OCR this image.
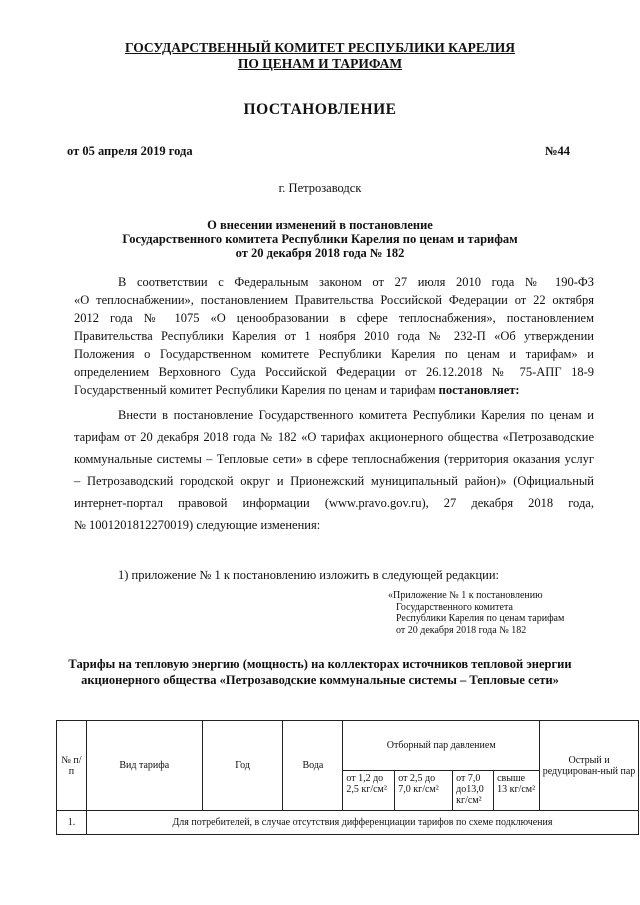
ГОСУДАРСТВЕННЫЙ КОМИТЕТ РЕСПУБЛИКИ КАРЕЛИЯ
ПО ЦЕНАМ И ТАРИФАМ
ПОСТАНОВЛЕНИЕ
от 05 апреля 2019 года	№44
г. Петрозаводск
О внесении изменений в постановление
Государственного комитета Республики Карелия по ценам и тарифам
от 20 декабря 2018 года № 182
В соответствии с Федеральным законом от 27 июля 2010 года № 190-ФЗ
«О теплоснабжении», постановлением Правительства Российской Федерации от 22 октября
2012 года № 1075 «О ценообразовании в сфере теплоснабжения», постановлением
Правительства Республики Карелия от 1 ноября 2010 года № 232-П «Об утверждении
Положения о Государственном комитете Республики Карелия по ценам и тарифам» и
определением Верховного Суда Российской Федерации от 26.12.2018 № 75-АПГ 18-9
Государственный комитет Республики Карелия по ценам и тарифам постановляет:
Внести в постановление Государственного комитета Республики Карелия по ценам и
тарифам от 20 декабря 2018 года № 182 «О тарифах акционерного общества «Петрозаводские
коммунальные системы – Тепловые сети» в сфере теплоснабжения (территория оказания услуг
– Петрозаводский городской округ и Прионежский муниципальный район)» (Официальный
интернет-портал правовой информации (www.pravo.gov.ru), 27 декабря 2018 года,
№ 1001201812270019) следующие изменения:
1) приложение № 1 к постановлению изложить в следующей редакции:
«Приложение № 1 к постановлению
Государственного комитета
Республики Карелия по ценам тарифам
от 20 декабря 2018 года № 182
Тарифы на тепловую энергию (мощность) на коллекторах источников тепловой энергии
акционерного общества «Петрозаводские коммунальные системы – Тепловые сети»
№ п/п	Вид тарифа	Год	Вода	Отборный пар давлением				Острый и редуцирован-ный пар
				от 1,2 до 2,5 кг/см²	от 2,5 до 7,0 кг/см²	от 7,0 до13,0 кг/см²	свыше 13 кг/см²	
1.	Для потребителей, в случае отсутствия дифференциации тарифов по схеме подключения							
